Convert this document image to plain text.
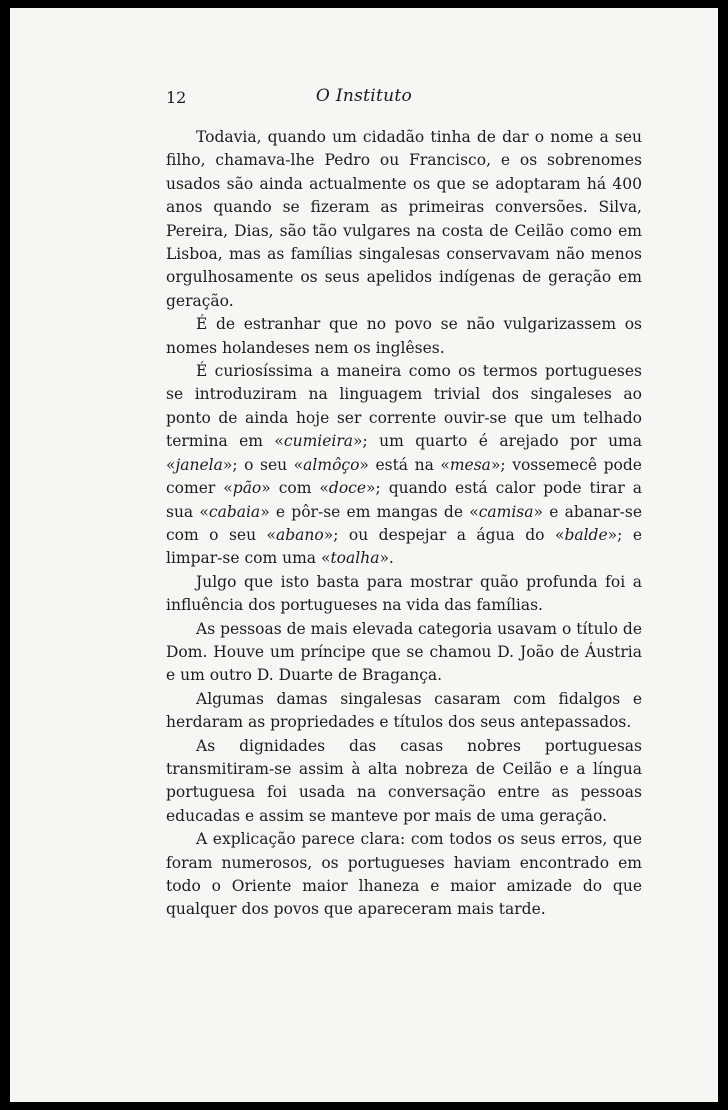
12	O Instituto

Todavia, quando um cidadão tinha de dar o nome a seu filho, chamava-lhe Pedro ou Francisco, e os sobrenomes usados são ainda actualmente os que se adoptaram há 400 anos quando se fizeram as primeiras conversões. Silva, Pereira, Dias, são tão vulgares na costa de Ceilão como em Lisboa, mas as famílias singalesas conservavam não menos orgulhosamente os seus apelidos indígenas de geração em geração.

É de estranhar que no povo se não vulgarizassem os nomes holandeses nem os inglêses.

É curiosíssima a maneira como os termos portugueses se introduziram na linguagem trivial dos singaleses ao ponto de ainda hoje ser corrente ouvir-se que um telhado termina em «cumieira»; um quarto é arejado por uma «janela»; o seu «almôço» está na «mesa»; vossemecê pode comer «pão» com «doce»; quando está calor pode tirar a sua «cabaia» e pôr-se em mangas de «camisa» e abanar-se com o seu «abano»; ou despejar a água do «balde»; e limpar-se com uma «toalha».

Julgo que isto basta para mostrar quão profunda foi a influência dos portugueses na vida das famílias.

As pessoas de mais elevada categoria usavam o título de Dom. Houve um príncipe que se chamou D. João de Áustria e um outro D. Duarte de Bragança.

Algumas damas singalesas casaram com fidalgos e herdaram as propriedades e títulos dos seus antepassados.

As dignidades das casas nobres portuguesas transmitiram-se assim à alta nobreza de Ceilão e a língua portuguesa foi usada na conversação entre as pessoas educadas e assim se manteve por mais de uma geração.

A explicação parece clara: com todos os seus erros, que foram numerosos, os portugueses haviam encontrado em todo o Oriente maior lhaneza e maior amizade do que qualquer dos povos que apareceram mais tarde.
